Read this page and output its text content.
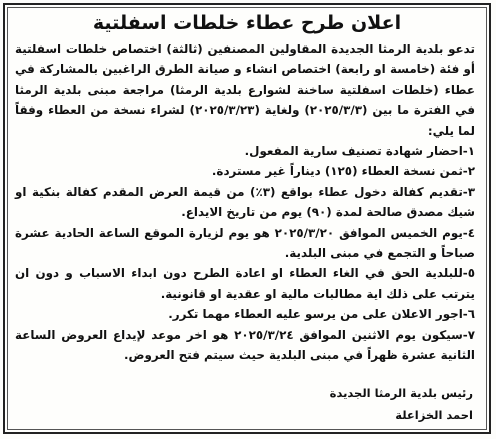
اعلان طرح عطاء خلطات اسفلتية

تدعو بلدية الرمثا الجديدة المقاولين المصنفين (ثالثة) اختصاص خلطات اسفلتية أو فئة (خامسة او رابعة) اختصاص انشاء و صيانة الطرق الراغبين بالمشاركة في عطاء (خلطات اسفلتية ساخنة لشوارع بلدية الرمثا) مراجعة مبنى بلدية الرمثا في الفترة ما بين (٢٠٢٥/٣/٣) ولغاية (٢٠٢٥/٣/٢٣) لشراء نسخة من العطاء وفقاً لما يلي:

١-احضار شهادة تصنيف سارية المفعول.

٢-ثمن نسخة العطاء (١٢٥) ديناراً غير مستردة.

٣-تقديم كفالة دخول عطاء بواقع (٣٪) من قيمة العرض المقدم كفالة بنكية او شيك مصدق صالحة لمدة (٩٠) يوم من تاريخ الايداع.

٤-يوم الخميس الموافق ٢٠٢٥/٣/٢٠ هو يوم لزيارة الموقع الساعة الحادية عشرة صباحاً و التجمع في مبنى البلدية.

٥-للبلدية الحق في الغاء العطاء او اعادة الطرح دون ابداء الاسباب و دون ان يترتب على ذلك اية مطالبات مالية او عقدية او قانونية.

٦-اجور الاعلان على من يرسو عليه العطاء مهما تكرر.

٧-سيكون يوم الاثنين الموافق ٢٠٢٥/٣/٢٤ هو اخر موعد لإيداع العروض الساعة الثانية عشرة ظهراً في مبنى البلدية حيث سيتم فتح العروض.

رئيس بلدية الرمثا الجديدة
احمد الخزاعلة
